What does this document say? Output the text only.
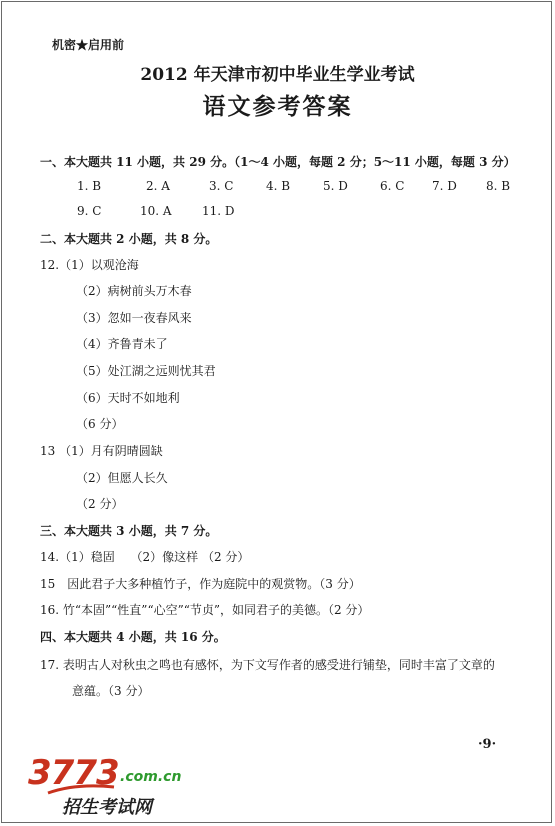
机密★启用前
2012 年天津市初中毕业生学业考试
语文参考答案
一、本大题共 11 小题，共 29 分。（1～4 小题，每题 2 分；5～11 小题，每题 3 分）
1. B	2. A	3. C	4. B	5. D	6. C 7. D 8. B
9. C	10. A	11. D
二、本大题共 2 小题，共 8 分。
12.（1）以观沧海
（2）病树前头万木春
（3）忽如一夜春风来
（4）齐鲁青未了
（5）处江湖之远则忧其君
（6）天时不如地利
（6 分）
13 （1）月有阴晴圆缺
（2）但愿人长久
（2 分）
三、本大题共 3 小题，共 7 分。
14.（1）稳固　 （2）像这样 （2 分）
15　因此君子大多种植竹子，作为庭院中的观赏物。（3 分）
16. 竹“本固”“性直”“心空”“节贞”，如同君子的美德。（2 分）
四、本大题共 4 小题，共 16 分。
17. 表明古人对秋虫之鸣也有感怀，为下文写作者的感受进行铺垫，同时丰富了文章的
意蕴。（3 分）
·9·
3773 .com.cn
招生考试网
